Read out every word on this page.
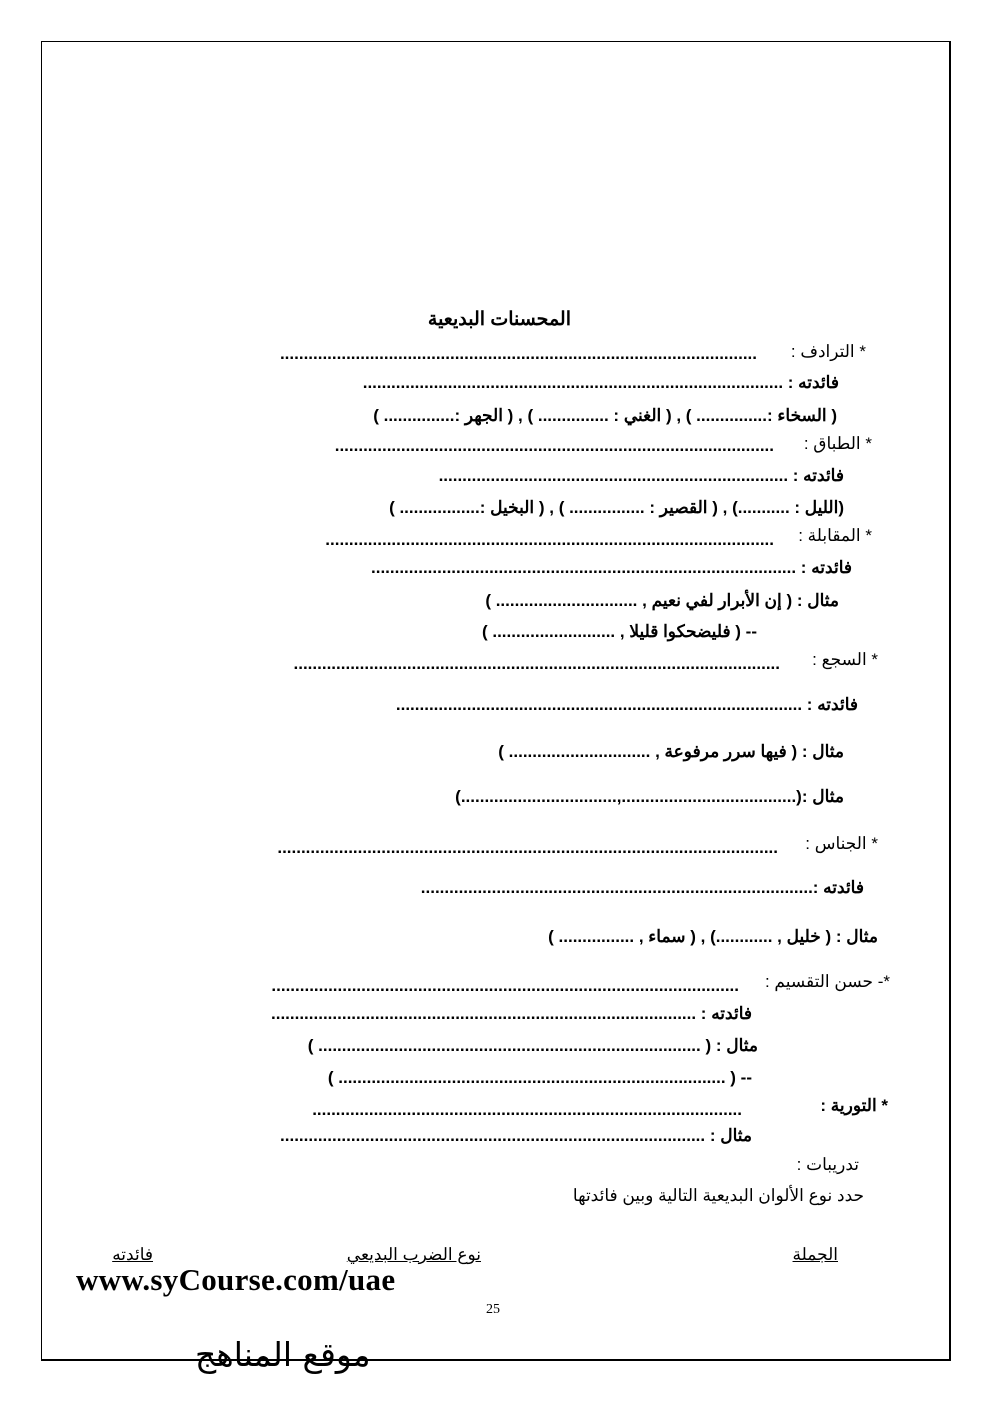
المحسنات البديعية
* الترادف :
.....................................................................................................
فائدته : .........................................................................................
( السخاء :............... ) , ( الغني : ............... ) , ( الجهر :............... )
* الطباق :
.............................................................................................
فائدته : ..........................................................................
(الليل : ...........) , ( القصير : ................ ) , ( البخيل :................. )
* المقابلة :
...............................................................................................
فائدته : ..........................................................................................
مثال : ( إن الأبرار لفي نعيم , .............................. )
-- ( فليضحكوا قليلا , .......................... )
* السجع :
.......................................................................................................
فائدته : ......................................................................................
مثال : ( فيها سرر مرفوعة , .............................. )
مثال :(.....................................,.................................)
* الجناس :
..........................................................................................................
فائدته :...................................................................................
مثال : ( خليل , ............) , ( سماء , ................ )
*- حسن التقسيم :
...................................................................................................
فائدته : ..........................................................................................
مثال : ( ................................................................................. )
-- ( .................................................................................. )
* التورية :
...........................................................................................
مثال : ..........................................................................................
تدريبات :
حدد نوع الألوان البديعية التالية وبين فائدتها
الجملة
نوع الضرب البديعي
فائدته
www.syCourse.com/uae
25
موقع المناهج
